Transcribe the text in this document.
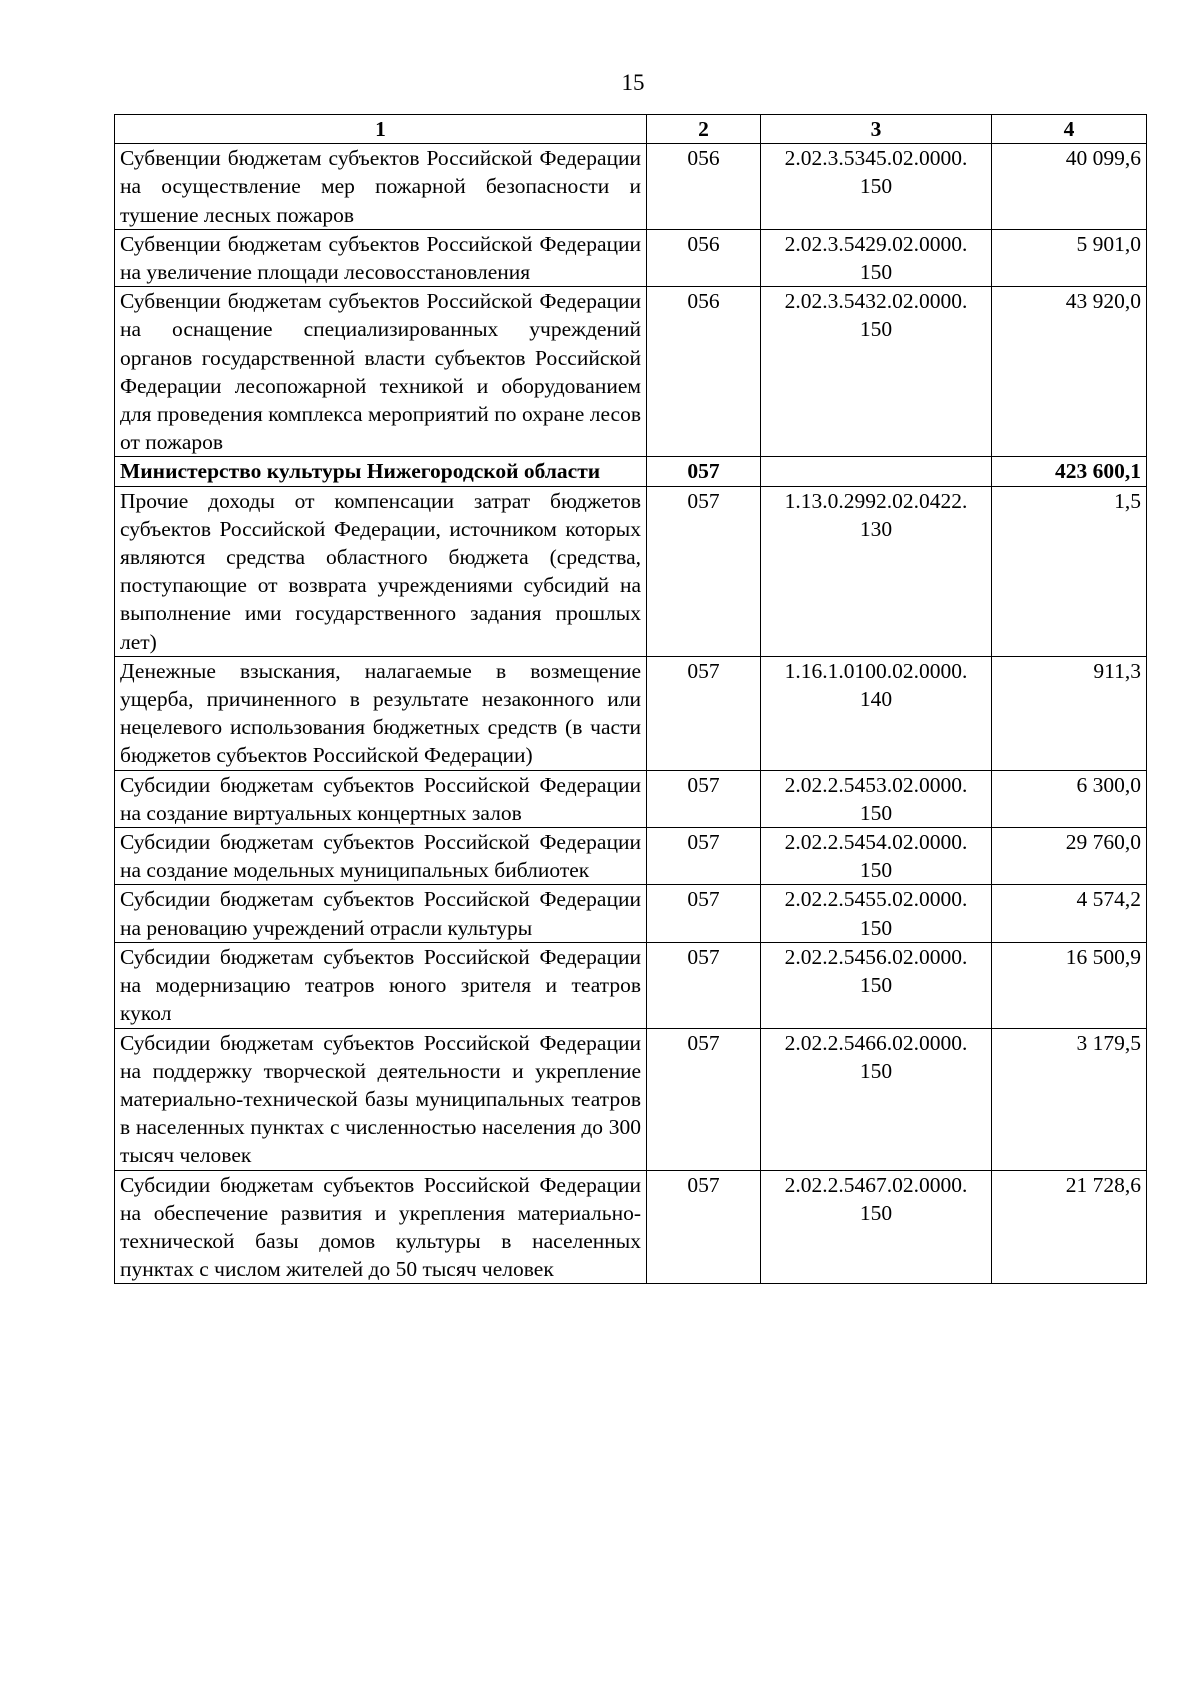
15
1	2	3	4
Субвенции бюджетам субъектов Российской Федерации на осуществление мер пожарной безопасности и тушение лесных пожаров	056	2.02.3.5345.02.0000. 150	40 099,6
Субвенции бюджетам субъектов Российской Федерации на увеличение площади лесовосстановления	056	2.02.3.5429.02.0000. 150	5 901,0
Субвенции бюджетам субъектов Российской Федерации на оснащение специализированных учреждений органов государственной власти субъектов Российской Федерации лесопожарной техникой и оборудованием для проведения комплекса мероприятий по охране лесов от пожаров	056	2.02.3.5432.02.0000. 150	43 920,0
Министерство культуры Нижегородской области	057		423 600,1
Прочие доходы от компенсации затрат бюджетов субъектов Российской Федерации, источником которых являются средства областного бюджета (средства, поступающие от возврата учреждениями субсидий на выполнение ими государственного задания прошлых лет)	057	1.13.0.2992.02.0422. 130	1,5
Денежные взыскания, налагаемые в возмещение ущерба, причиненного в результате незаконного или нецелевого использования бюджетных средств (в части бюджетов субъектов Российской Федерации)	057	1.16.1.0100.02.0000. 140	911,3
Субсидии бюджетам субъектов Российской Федерации на создание виртуальных концертных залов	057	2.02.2.5453.02.0000. 150	6 300,0
Субсидии бюджетам субъектов Российской Федерации на создание модельных муниципальных библиотек	057	2.02.2.5454.02.0000. 150	29 760,0
Субсидии бюджетам субъектов Российской Федерации на реновацию учреждений отрасли культуры	057	2.02.2.5455.02.0000. 150	4 574,2
Субсидии бюджетам субъектов Российской Федерации на модернизацию театров юного зрителя и театров кукол	057	2.02.2.5456.02.0000. 150	16 500,9
Субсидии бюджетам субъектов Российской Федерации на поддержку творческой деятельности и укрепление материально-технической базы муниципальных театров в населенных пунктах с численностью населения до 300 тысяч человек	057	2.02.2.5466.02.0000. 150	3 179,5
Субсидии бюджетам субъектов Российской Федерации на обеспечение развития и укрепления материально-технической базы домов культуры в населенных пунктах с числом жителей до 50 тысяч человек	057	2.02.2.5467.02.0000. 150	21 728,6
